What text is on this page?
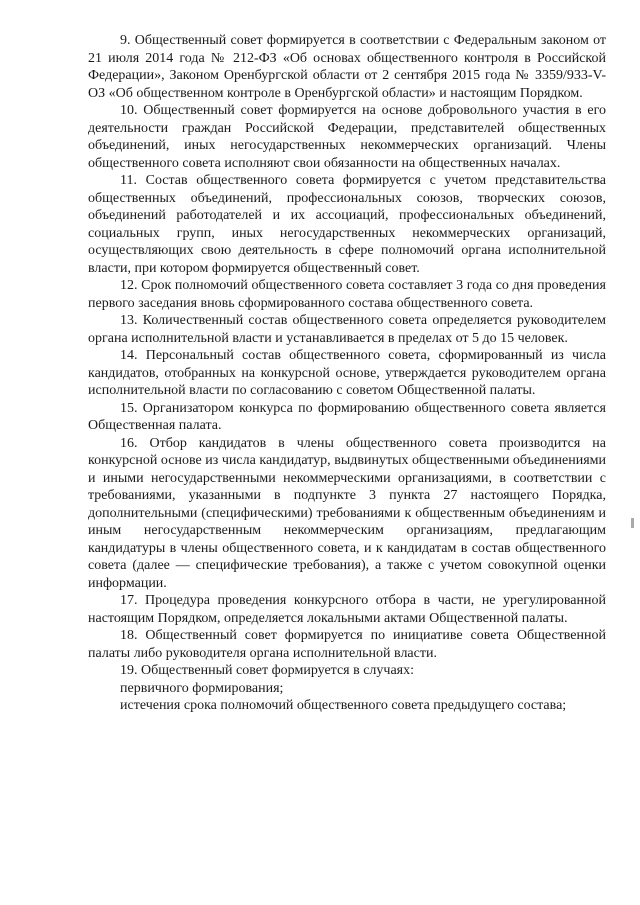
9. Общественный совет формируется в соответствии с Федеральным законом от 21 июля 2014 года № 212-ФЗ «Об основах общественного контроля в Российской Федерации», Законом Оренбургской области от 2 сентября 2015 года № 3359/933-V-ОЗ «Об общественном контроле в Оренбургской области» и настоящим Порядком.

10. Общественный совет формируется на основе добровольного участия в его деятельности граждан Российской Федерации, представителей общественных объединений, иных негосударственных некоммерческих организаций. Члены общественного совета исполняют свои обязанности на общественных началах.

11. Состав общественного совета формируется с учетом представительства общественных объединений, профессиональных союзов, творческих союзов, объединений работодателей и их ассоциаций, профессиональных объединений, социальных групп, иных негосударственных некоммерческих организаций, осуществляющих свою деятельность в сфере полномочий органа исполнительной власти, при котором формируется общественный совет.

12. Срок полномочий общественного совета составляет 3 года со дня проведения первого заседания вновь сформированного состава общественного совета.

13. Количественный состав общественного совета определяется руководителем органа исполнительной власти и устанавливается в пределах от 5 до 15 человек.

14. Персональный состав общественного совета, сформированный из числа кандидатов, отобранных на конкурсной основе, утверждается руководителем органа исполнительной власти по согласованию с советом Общественной палаты.

15. Организатором конкурса по формированию общественного совета является Общественная палата.

16. Отбор кандидатов в члены общественного совета производится на конкурсной основе из числа кандидатур, выдвинутых общественными объединениями и иными негосударственными некоммерческими организациями, в соответствии с требованиями, указанными в подпункте 3 пункта 27 настоящего Порядка, дополнительными (специфическими) требованиями к общественным объединениям и иным негосударственным некоммерческим организациям, предлагающим кандидатуры в члены общественного совета, и к кандидатам в состав общественного совета (далее — специфические требования), а также с учетом совокупной оценки информации.

17. Процедура проведения конкурсного отбора в части, не урегулированной настоящим Порядком, определяется локальными актами Общественной палаты.

18. Общественный совет формируется по инициативе совета Общественной палаты либо руководителя органа исполнительной власти.

19. Общественный совет формируется в случаях:

первичного формирования;

истечения срока полномочий общественного совета предыдущего состава;
